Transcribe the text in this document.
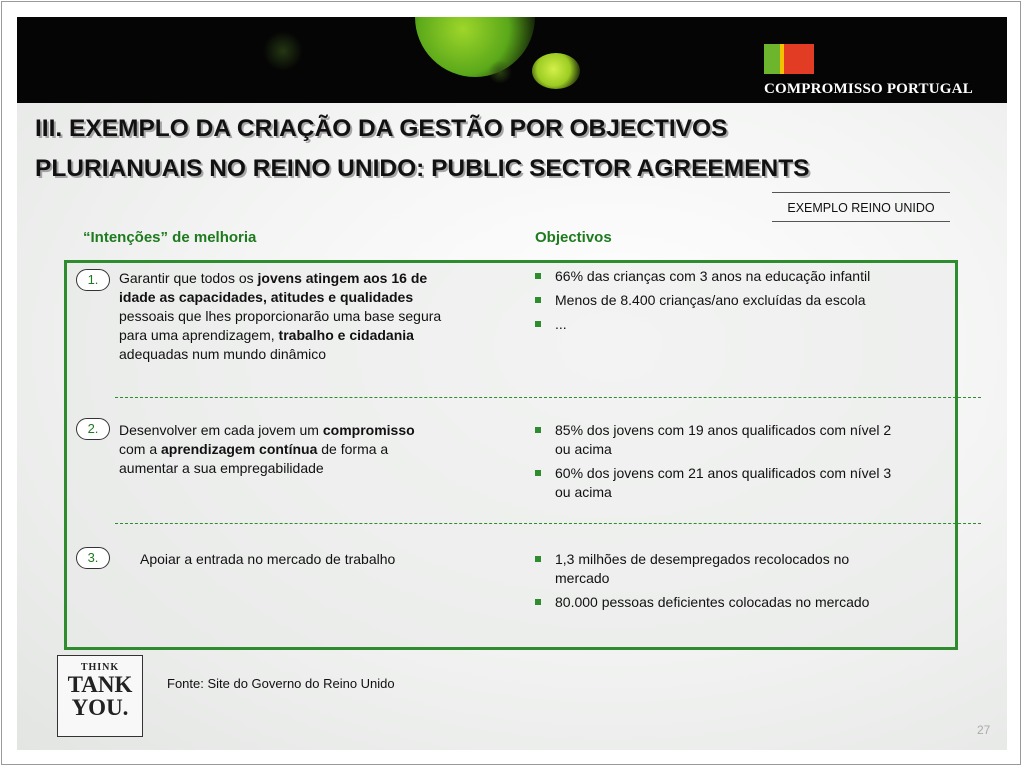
COMPROMISSO PORTUGAL
III. EXEMPLO DA CRIAÇÃO DA GESTÃO POR OBJECTIVOS
PLURIANUAIS NO REINO UNIDO: PUBLIC SECTOR AGREEMENTS
EXEMPLO REINO UNIDO
“Intenções” de melhoria	Objectivos
1.	Garantir que todos os jovens atingem aos 16 de idade as capacidades, atitudes e qualidades pessoais que lhes proporcionarão uma base segura para uma aprendizagem, trabalho e cidadania adequadas num mundo dinâmico
66% das crianças com 3 anos na educação infantil
Menos de 8.400 crianças/ano excluídas da escola
...
2.	Desenvolver em cada jovem um compromisso com a aprendizagem contínua de forma a aumentar a sua empregabilidade
85% dos jovens com 19 anos qualificados com nível 2 ou acima
60% dos jovens com 21 anos qualificados com nível 3 ou acima
3.	Apoiar a entrada no mercado de trabalho	1,3 milhões de desempregados recolocados no mercado
80.000 pessoas deficientes colocadas no mercado
THINK
TANK
YOU.
Fonte: Site do Governo do Reino Unido
27
